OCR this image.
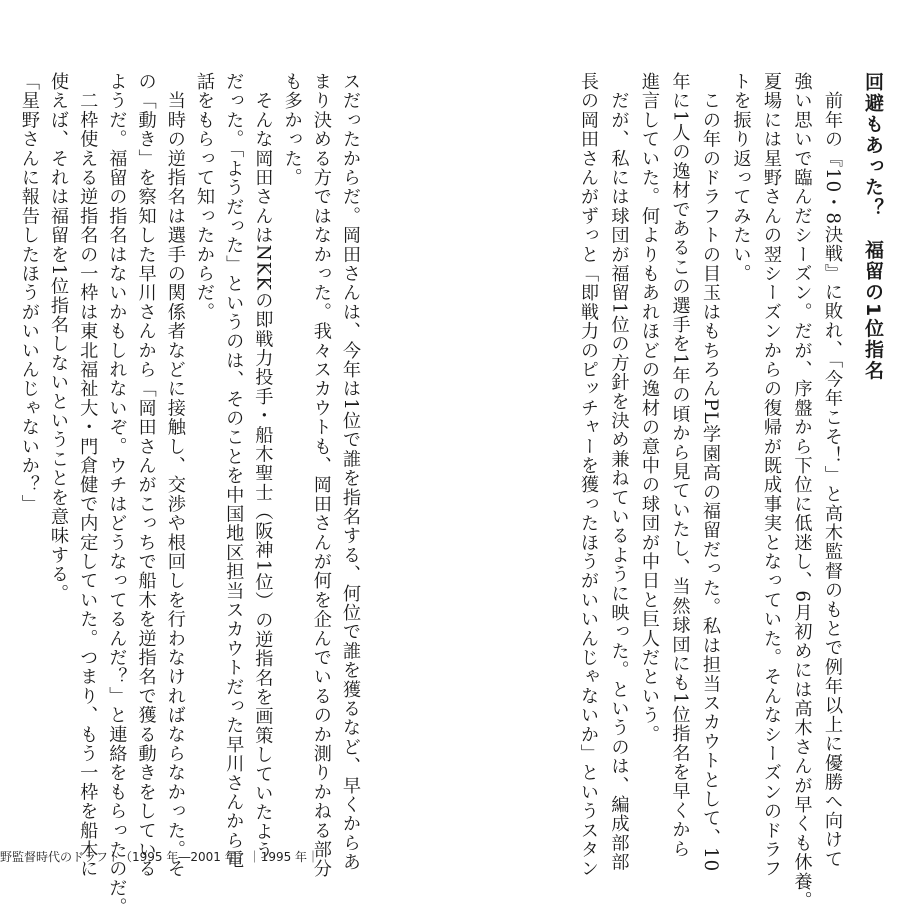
回避もあった？　福留の1位指名
　前年の『10・8決戦』に敗れ、「今年こそ！」と高木監督のもとで例年以上に優勝へ向けて
強い思いで臨んだシーズン。だが、序盤から下位に低迷し、6月初めには高木さんが早くも休養。
夏場には星野さんの翌シーズンからの復帰が既成事実となっていた。そんなシーズンのドラフ
トを振り返ってみたい。
　この年のドラフトの目玉はもちろんPL学園高の福留だった。私は担当スカウトとして、10
年に1人の逸材であるこの選手を1年の頃から見ていたし、当然球団にも1位指名を早くから
進言していた。何よりもあれほどの逸材の意中の球団が中日と巨人だという。
　だが、私には球団が福留1位の方針を決め兼ねているように映った。というのは、編成部部
長の岡田さんがずっと「即戦力のピッチャーを獲ったほうがいいんじゃないか」というスタン
スだったからだ。岡田さんは、今年は1位で誰を指名する、何位で誰を獲るなど、早くからあ
まり決める方ではなかった。我々スカウトも、岡田さんが何を企んでいるのか測りかねる部分
も多かった。
　そんな岡田さんはNKKの即戦力投手・船木聖士（阪神1位）の逆指名を画策していたよう
だった。「ようだった」というのは、そのことを中国地区担当スカウトだった早川さんから電
話をもらって知ったからだ。
　当時の逆指名は選手の関係者などに接触し、交渉や根回しを行わなければならなかった。そ
の「動き」を察知した早川さんから「岡田さんがこっちで船木を逆指名で獲る動きをしている
ようだ。福留の指名はないかもしれないぞ。ウチはどうなってるんだ？」と連絡をもらったのだ。
　二枠使える逆指名の一枠は東北福祉大・門倉健で内定していた。つまり、もう一枠を船木に
使えば、それは福留を1位指名しないということを意味する。
「星野さんに報告したほうがいいんじゃないか？」
野監督時代のドラフト（1995 年―2001 年）｜1995 年｜
